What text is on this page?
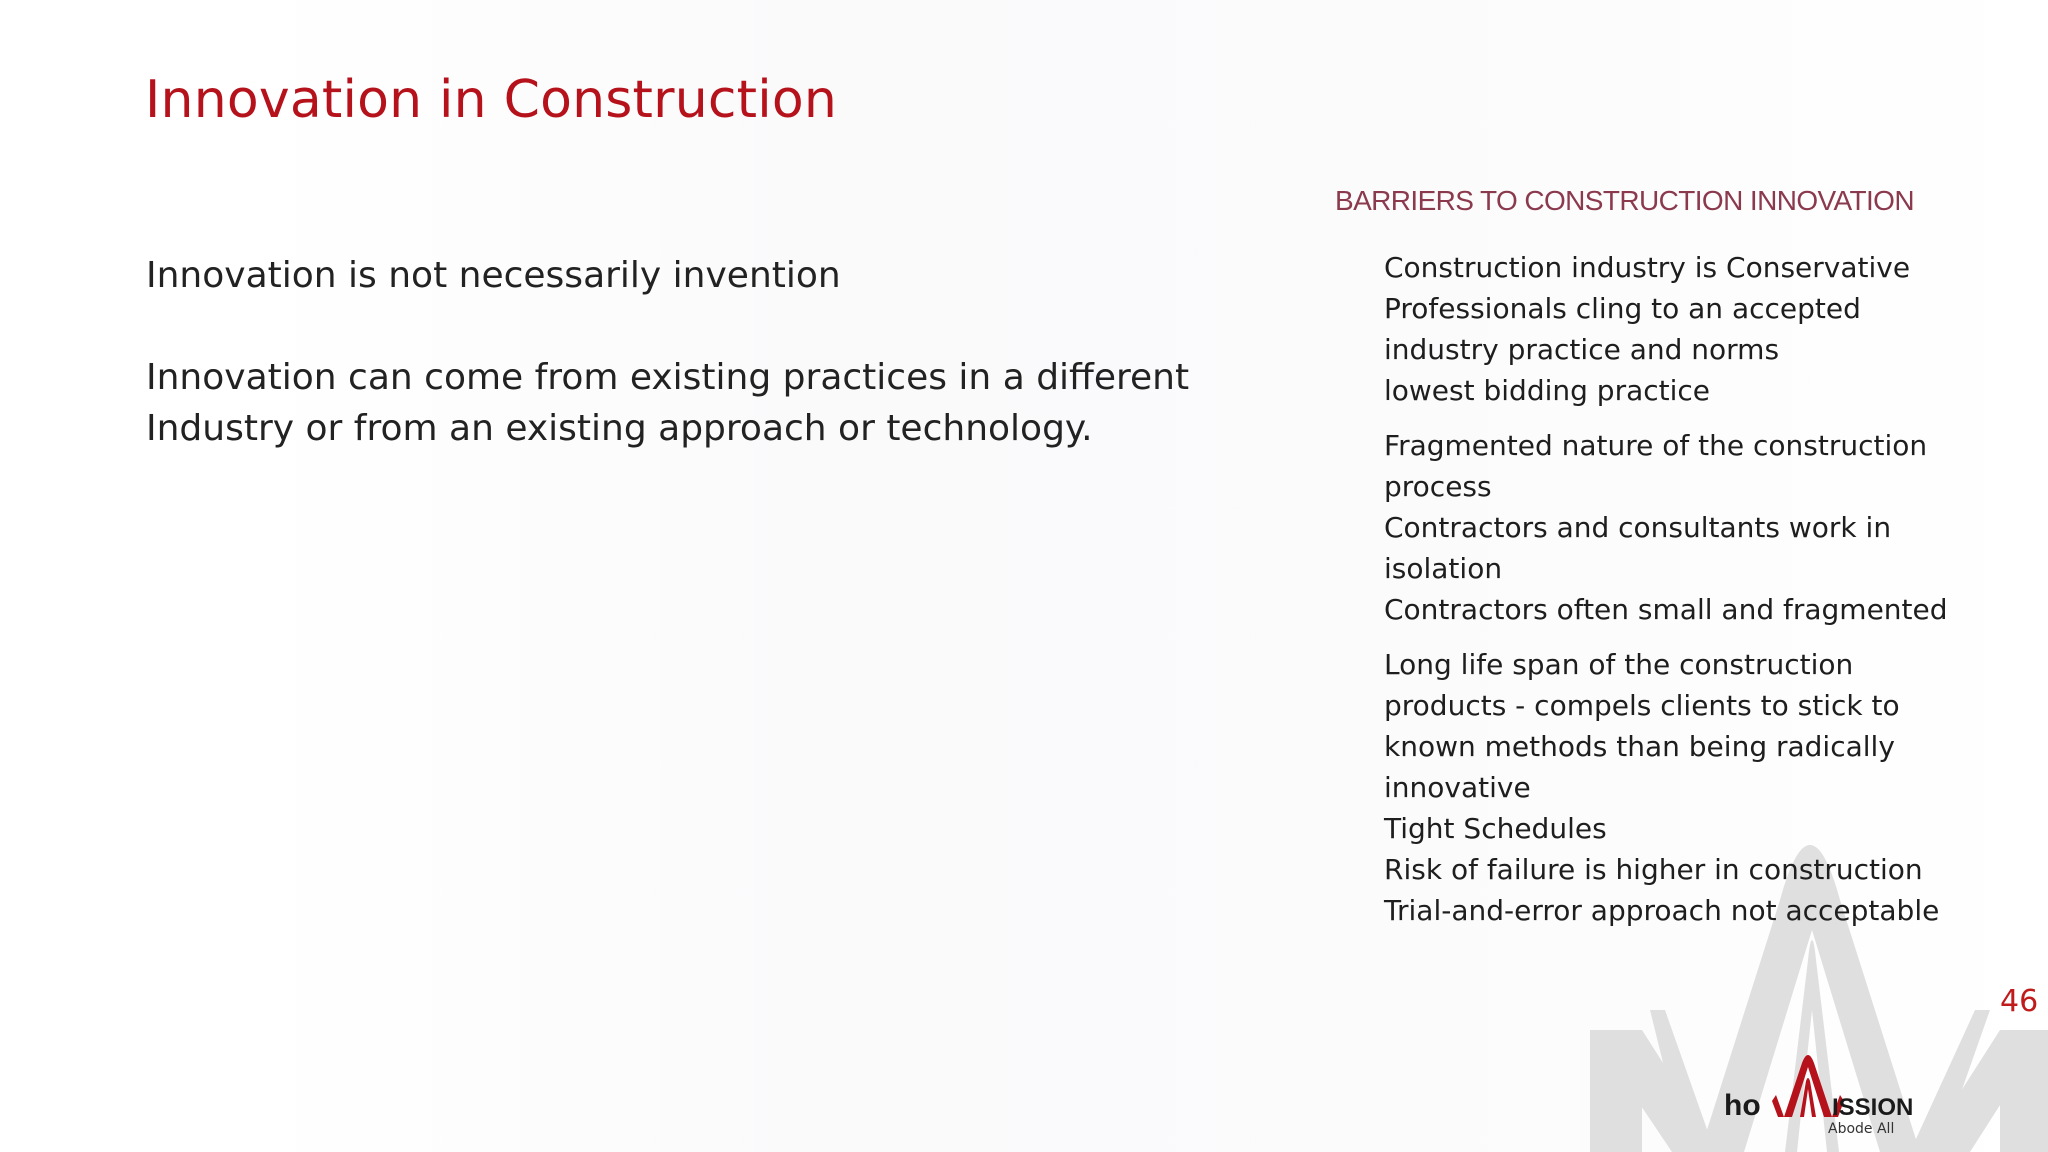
Innovation in Construction

Innovation is not necessarily invention

Innovation can come from existing practices in a different Industry or from an existing approach or technology.

BARRIERS TO CONSTRUCTION INNOVATION
Construction industry is Conservative
Professionals cling to an accepted
industry practice and norms
lowest bidding practice
Fragmented nature of the construction
process
Contractors and consultants work in
isolation
Contractors often small and fragmented
Long life span of the construction
products - compels clients to stick to
known methods than being radically
innovative
Tight Schedules
Risk of failure is higher in construction
Trial-and-error approach not acceptable
46
ho	ISSION
Abode All
